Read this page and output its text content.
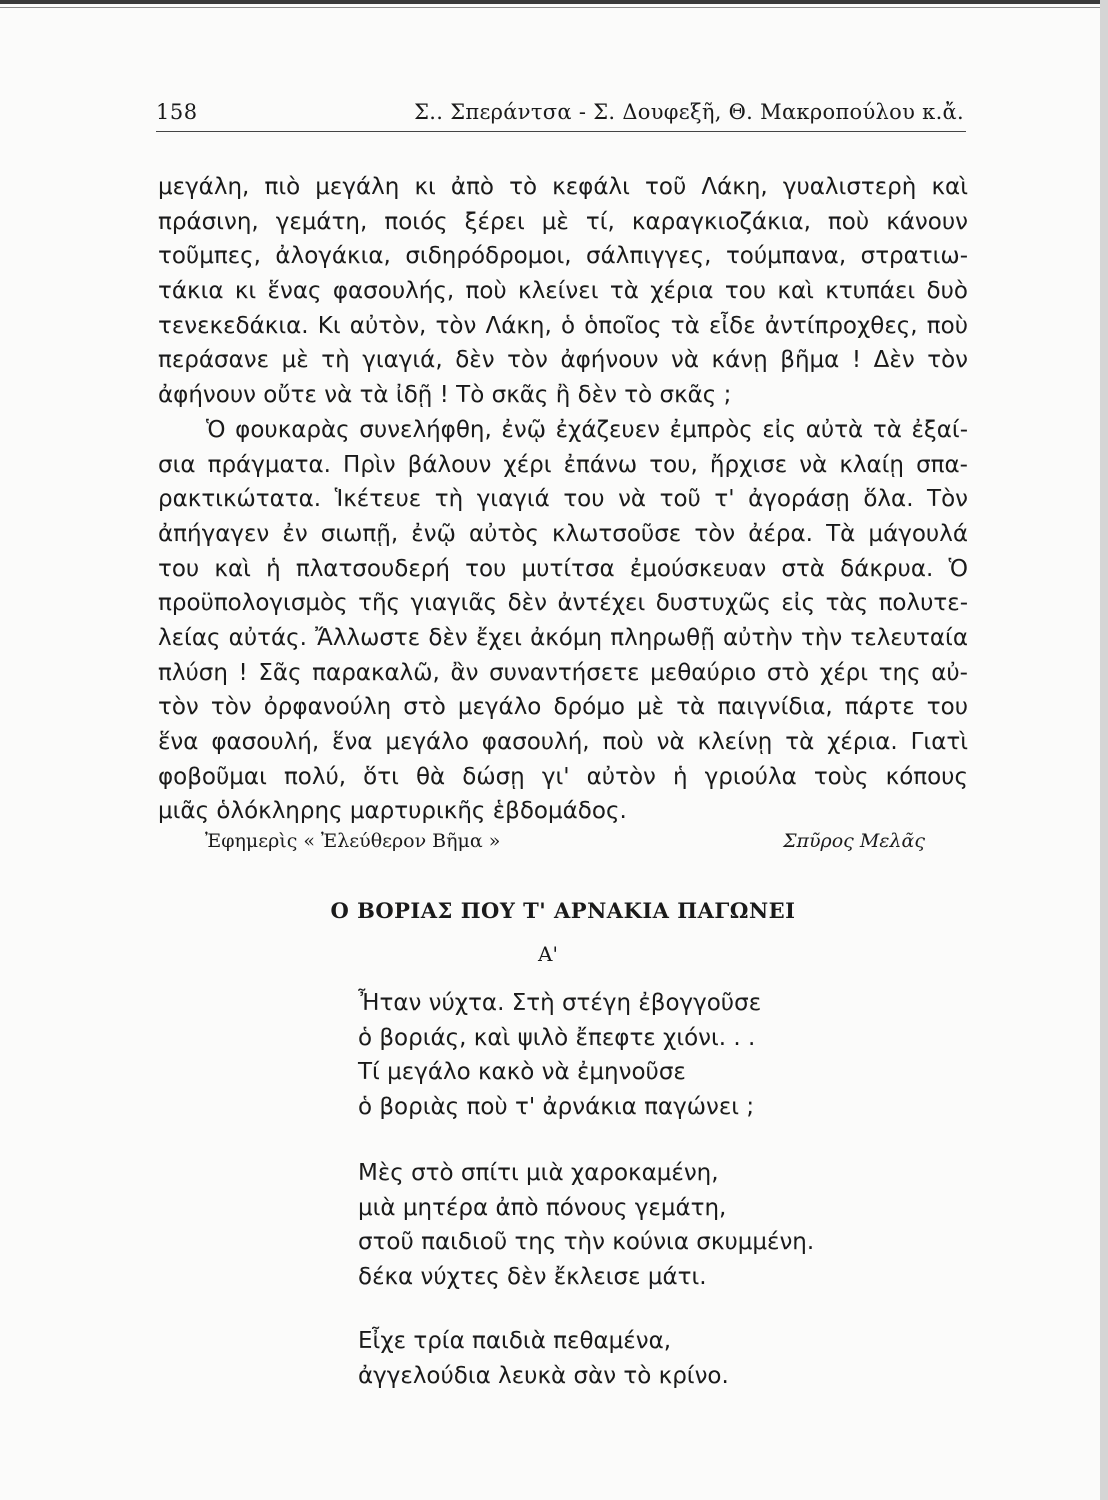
158	Σ.. Σπεράντσα - Σ. Δουφεξῆ, Θ. Μακροπούλου κ.ἄ.
μεγάλη, πιὸ μεγάλη κι ἀπὸ τὸ κεφάλι τοῦ Λάκη, γυαλιστερὴ καὶ
πράσινη, γεμάτη, ποιός ξέρει μὲ τί, καραγκιοζάκια, ποὺ κάνουν
τοῦμπες, ἀλογάκια, σιδηρόδρομοι, σάλπιγγες, τούμπανα, στρατιω-
τάκια κι ἕνας φασουλής, ποὺ κλείνει τὰ χέρια του καὶ κτυπάει δυὸ
τενεκεδάκια. Κι αὐτὸν, τὸν Λάκη, ὁ ὁποῖος τὰ εἶδε ἀντίπροχθες, ποὺ
περάσανε μὲ τὴ γιαγιά, δὲν τὸν ἀφήνουν νὰ κάνῃ βῆμα ! Δὲν τὸν
ἀφήνουν οὔτε νὰ τὰ ἰδῇ ! Τὸ σκᾶς ἢ δὲν τὸ σκᾶς ;
Ὁ φουκαρὰς συνελήφθη, ἐνῷ ἐχάζευεν ἐμπρὸς εἰς αὐτὰ τὰ ἐξαί-
σια πράγματα. Πρὶν βάλουν χέρι ἐπάνω του, ἤρχισε νὰ κλαίῃ σπα-
ρακτικώτατα. Ἱκέτευε τὴ γιαγιά του νὰ τοῦ τ' ἀγοράσῃ ὅλα. Τὸν
ἀπήγαγεν ἐν σιωπῇ, ἐνῷ αὐτὸς κλωτσοῦσε τὸν ἀέρα. Τὰ μάγουλά
του καὶ ἡ πλατσουδερή του μυτίτσα ἐμούσκευαν στὰ δάκρυα. Ὁ
προϋπολογισμὸς τῆς γιαγιᾶς δὲν ἀντέχει δυστυχῶς εἰς τὰς πολυτε-
λείας αὐτάς. Ἄλλωστε δὲν ἔχει ἀκόμη πληρωθῇ αὐτὴν τὴν τελευταία
πλύση ! Σᾶς παρακαλῶ, ἂν συναντήσετε μεθαύριο στὸ χέρι της αὐ-
τὸν τὸν ὀρφανούλη στὸ μεγάλο δρόμο μὲ τὰ παιγνίδια, πάρτε του
ἕνα φασουλή, ἕνα μεγάλο φασουλή, ποὺ νὰ κλείνῃ τὰ χέρια. Γιατὶ
φοβοῦμαι πολύ, ὅτι θὰ δώσῃ γι' αὐτὸν ἡ γριούλα τοὺς κόπους
μιᾶς ὁλόκληρης μαρτυρικῆς ἑβδομάδος.
Ἐφημερὶς « Ἐλεύθερον Βῆμα »	Σπῦρος Μελᾶς
Ο ΒΟΡΙΑΣ ΠΟΥ Τ' ΑΡΝΑΚΙΑ ΠΑΓΩΝΕΙ
Α'
Ἦταν νύχτα. Στὴ στέγη ἐβογγοῦσε
ὁ βοριάς, καὶ ψιλὸ ἔπεφτε χιόνι. . .
Τί μεγάλο κακὸ νὰ ἐμηνοῦσε
ὁ βοριὰς ποὺ τ' ἀρνάκια παγώνει ;
Μὲς στὸ σπίτι μιὰ χαροκαμένη,
μιὰ μητέρα ἀπὸ πόνους γεμάτη,
στοῦ παιδιοῦ της τὴν κούνια σκυμμένη.
δέκα νύχτες δὲν ἔκλεισε μάτι.
Εἶχε τρία παιδιὰ πεθαμένα,
ἀγγελούδια λευκὰ σὰν τὸ κρίνο.
